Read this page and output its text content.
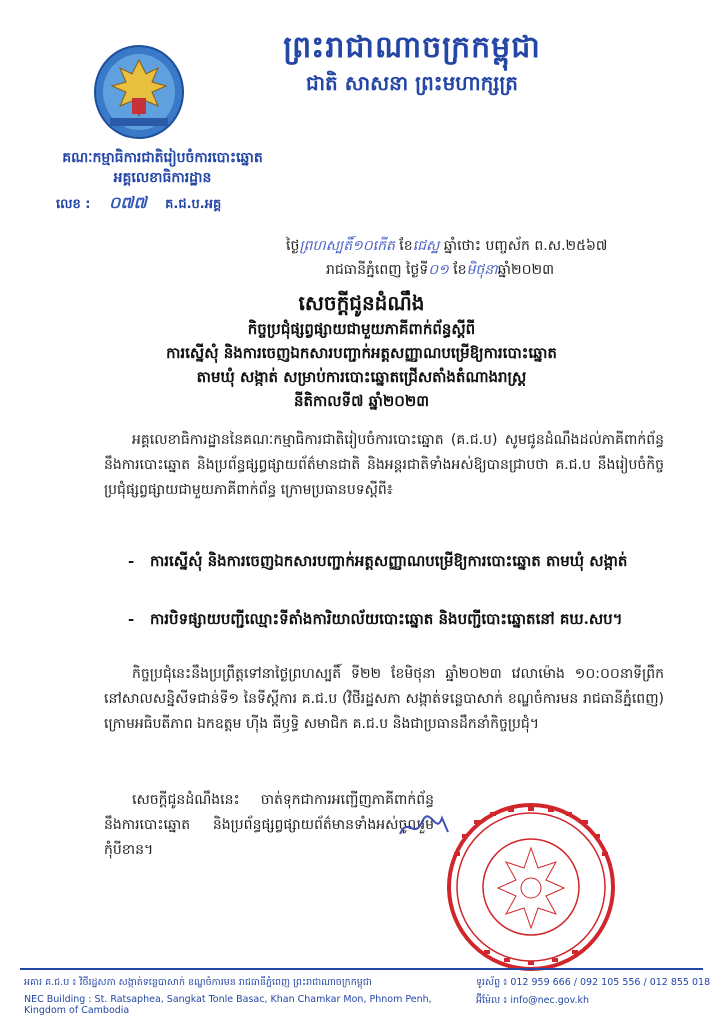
ព្រះរាជាណាចក្រកម្ពុជា
ជាតិ សាសនា ព្រះមហាក្សត្រ
គណៈកម្មាធិការជាតិរៀបចំការបោះឆ្នោត
អគ្គលេខាធិការដ្ឋាន
លេខ : ០៧៧ គ.ជ.ប.អគ្គ
ថ្ងៃព្រហស្បតិ៍១០កើត ខែជេស្ឋ ឆ្នាំថោះ បញ្ចស័ក ព.ស.២៥៦៧
រាជធានីភ្នំពេញ ថ្ងៃទី០១ ខែមិថុនាឆ្នាំ២០២៣
សេចក្តីជូនដំណឹង
កិច្ចប្រជុំផ្សព្វផ្សាយជាមួយភាគីពាក់ព័ន្ធស្តីពី
ការស្នើសុំ និងការចេញឯកសារបញ្ជាក់អត្តសញ្ញាណបម្រើឱ្យការបោះឆ្នោត
តាមឃុំ សង្កាត់ សម្រាប់ការបោះឆ្នោតជ្រើសតាំងតំណាងរាស្ត្រ
នីតិកាលទី៧ ឆ្នាំ២០២៣
អគ្គលេខាធិការដ្ឋាននៃគណៈកម្មាធិការជាតិរៀបចំការបោះឆ្នោត (គ.ជ.ប) សូមជូនដំណឹងដល់ភាគីពាក់ព័ន្ធនឹងការបោះឆ្នោត និងប្រព័ន្ធផ្សព្វផ្សាយព័ត៌មានជាតិ និងអន្តរជាតិទាំងអស់ឱ្យបានជ្រាបថា គ.ជ.ប នឹងរៀបចំកិច្ចប្រជុំផ្សព្វផ្សាយជាមួយភាគីពាក់ព័ន្ធ ក្រោមប្រធានបទស្តីពី៖
- ការស្នើសុំ និងការចេញឯកសារបញ្ជាក់អត្តសញ្ញាណបម្រើឱ្យការបោះឆ្នោត តាមឃុំ សង្កាត់
- ការបិទផ្សាយបញ្ជីឈ្មោះទីតាំងការិយាល័យបោះឆ្នោត និងបញ្ជីបោះឆ្នោតនៅ គឃ.សប។
កិច្ចប្រជុំនេះនឹងប្រព្រឹត្តទៅនាថ្ងៃព្រហស្បតិ៍ ទី២២ ខែមិថុនា ឆ្នាំ២០២៣ វេលាម៉ោង ១០:០០នាទីព្រឹក នៅសាលសន្និសីទជាន់ទី១ នៃទីស្តីការ គ.ជ.ប (វិថីរដ្ឋសភា សង្កាត់ទន្លេបាសាក់ ខណ្ឌចំការមន រាជធានីភ្នំពេញ) ក្រោមអធិបតីភាព ឯកឧត្តម ហ៊ីង ធីឫទ្ធិ សមាជិក គ.ជ.ប និងជាប្រធានដឹកនាំកិច្ចប្រជុំ។
សេចក្តីជូនដំណឹងនេះ ចាត់ទុកជាការអញ្ជើញភាគីពាក់ព័ន្ធនឹងការបោះឆ្នោត និងប្រព័ន្ធផ្សព្វផ្សាយព័ត៌មានទាំងអស់ចូលរួមកុំបីខាន។
អគារ គ.ជ.ប ៖ វិថីរដ្ឋសភា សង្កាត់ទន្លេបាសាក់ ខណ្ឌចំការមន រាជធានីភ្នំពេញ ព្រះរាជាណាចក្រកម្ពុជា
NEC Building : St. Ratsaphea, Sangkat Tonle Basac, Khan Chamkar Mon, Phnom Penh, Kingdom of Cambodia
ទូរស័ព្ទ ៖ 012 959 666 / 092 105 556 / 012 855 018
អ៊ីម៉ែល ៖ info@nec.gov.kh
